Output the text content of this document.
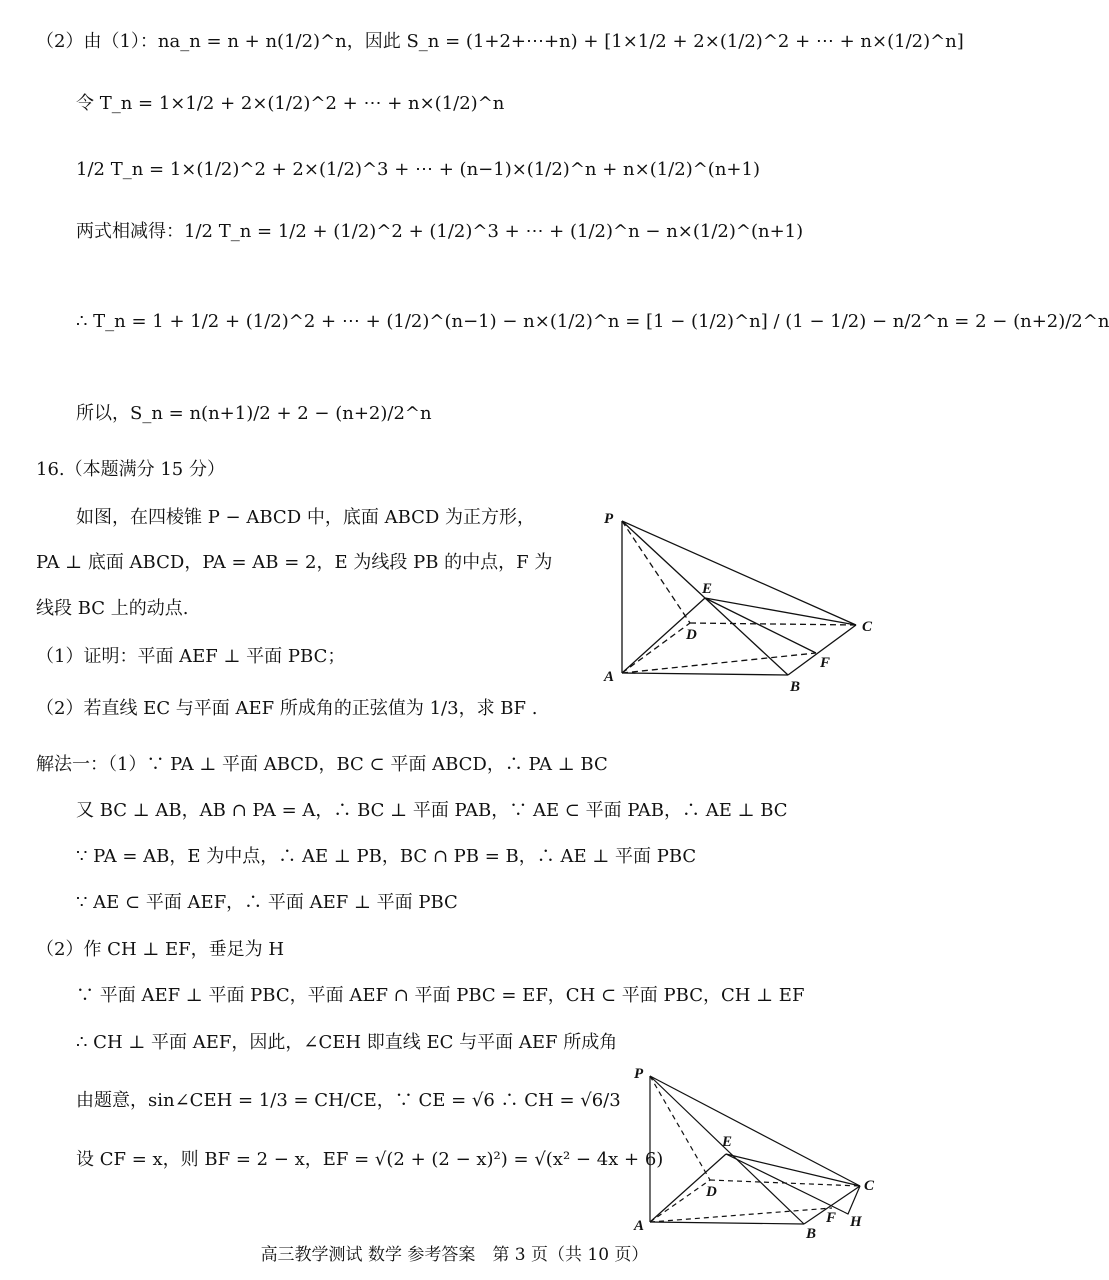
（2）由（1）：na_n = n + n(1/2)^n，因此 S_n = (1+2+⋯+n) + [1×1/2 + 2×(1/2)^2 + ⋯ + n×(1/2)^n]
令 T_n = 1×1/2 + 2×(1/2)^2 + ⋯ + n×(1/2)^n
1/2 T_n = 1×(1/2)^2 + 2×(1/2)^3 + ⋯ + (n−1)×(1/2)^n + n×(1/2)^(n+1)
两式相减得：1/2 T_n = 1/2 + (1/2)^2 + (1/2)^3 + ⋯ + (1/2)^n − n×(1/2)^(n+1)
∴ T_n = 1 + 1/2 + (1/2)^2 + ⋯ + (1/2)^(n−1) − n×(1/2)^n = [1 − (1/2)^n] / (1 − 1/2) − n/2^n = 2 − (n+2)/2^n
所以，S_n = n(n+1)/2 + 2 − (n+2)/2^n
16.（本题满分 15 分）
如图，在四棱锥 P − ABCD 中，底面 ABCD 为正方形，
PA ⊥ 底面 ABCD，PA = AB = 2，E 为线段 PB 的中点，F 为
线段 BC 上的动点.
（1）证明：平面 AEF ⊥ 平面 PBC；
（2）若直线 EC 与平面 AEF 所成角的正弦值为 1/3，求 BF .
解法一：（1）∵ PA ⊥ 平面 ABCD，BC ⊂ 平面 ABCD，∴ PA ⊥ BC
又 BC ⊥ AB，AB ∩ PA = A，∴ BC ⊥ 平面 PAB，∵ AE ⊂ 平面 PAB，∴ AE ⊥ BC
∵ PA = AB，E 为中点，∴ AE ⊥ PB，BC ∩ PB = B，∴ AE ⊥ 平面 PBC
∵ AE ⊂ 平面 AEF，∴ 平面 AEF ⊥ 平面 PBC
（2）作 CH ⊥ EF，垂足为 H
∵ 平面 AEF ⊥ 平面 PBC，平面 AEF ∩ 平面 PBC = EF，CH ⊂ 平面 PBC，CH ⊥ EF
∴ CH ⊥ 平面 AEF，因此，∠CEH 即直线 EC 与平面 AEF 所成角
由题意，sin∠CEH = 1/3 = CH/CE，∵ CE = √6 ∴ CH = √6/3
设 CF = x，则 BF = 2 − x，EF = √(2 + (2 − x)²) = √(x² − 4x + 6)
P
E
D	C
F
A
B
P
E
D	C
F
A	B
H
高三教学测试 数学 参考答案　第 3 页（共 10 页）
